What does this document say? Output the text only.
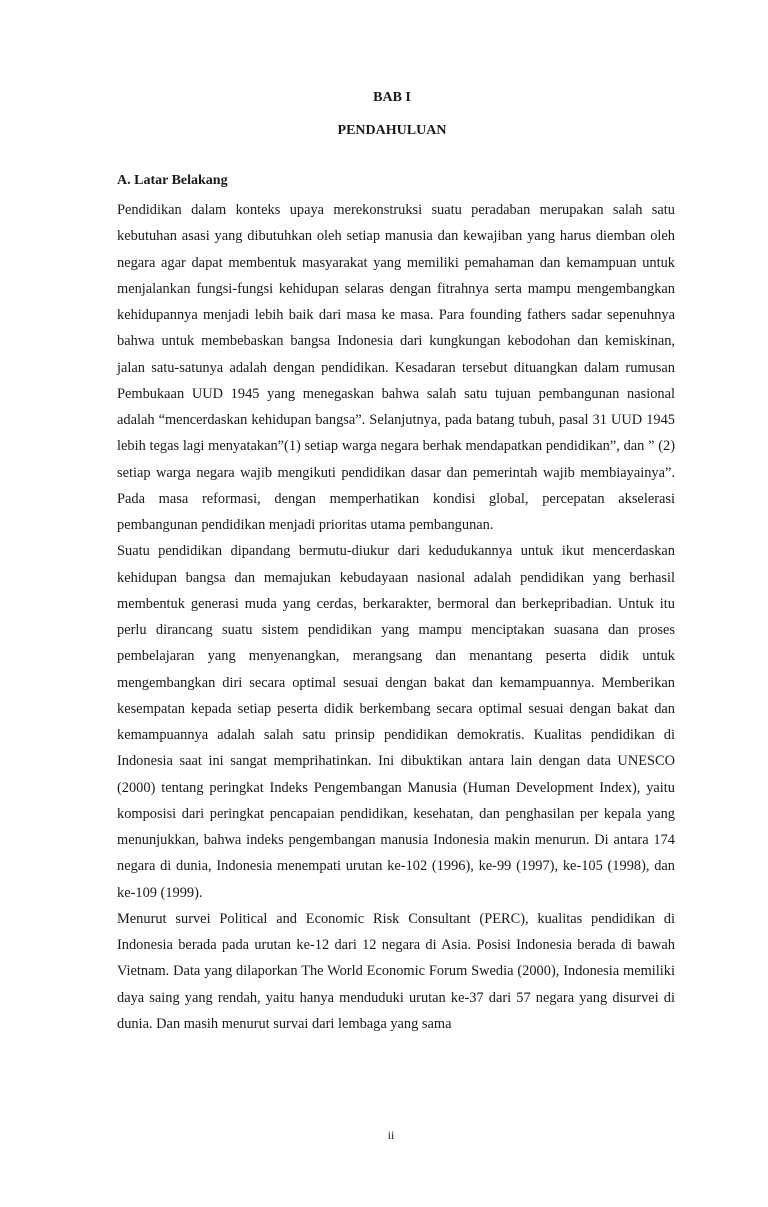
BAB I
PENDAHULUAN
A. Latar Belakang

Pendidikan dalam konteks upaya merekonstruksi suatu peradaban merupakan salah satu kebutuhan asasi yang dibutuhkan oleh setiap manusia dan kewajiban yang harus diemban oleh negara agar dapat membentuk masyarakat yang memiliki pemahaman dan kemampuan untuk menjalankan fungsi-fungsi kehidupan selaras dengan fitrahnya serta mampu mengembangkan kehidupannya menjadi lebih baik dari masa ke masa. Para founding fathers sadar sepenuhnya bahwa untuk membebaskan bangsa Indonesia dari kungkungan kebodohan dan kemiskinan, jalan satu-satunya adalah dengan pendidikan. Kesadaran tersebut dituangkan dalam rumusan Pembukaan UUD 1945 yang menegaskan bahwa salah satu tujuan pembangunan nasional adalah “mencerdaskan kehidupan bangsa”. Selanjutnya, pada batang tubuh, pasal 31 UUD 1945 lebih tegas lagi menyatakan”(1) setiap warga negara berhak mendapatkan pendidikan”, dan ” (2) setiap warga negara wajib mengikuti pendidikan dasar dan pemerintah wajib membiayainya”. Pada masa reformasi, dengan memperhatikan kondisi global, percepatan akselerasi pembangunan pendidikan menjadi prioritas utama pembangunan.

Suatu pendidikan dipandang bermutu-diukur dari kedudukannya untuk ikut mencerdaskan kehidupan bangsa dan memajukan kebudayaan nasional adalah pendidikan yang berhasil membentuk generasi muda yang cerdas, berkarakter, bermoral dan berkepribadian. Untuk itu perlu dirancang suatu sistem pendidikan yang mampu menciptakan suasana dan proses pembelajaran yang menyenangkan, merangsang dan menantang peserta didik untuk mengembangkan diri secara optimal sesuai dengan bakat dan kemampuannya. Memberikan kesempatan kepada setiap peserta didik berkembang secara optimal sesuai dengan bakat dan kemampuannya adalah salah satu prinsip pendidikan demokratis. Kualitas pendidikan di Indonesia saat ini sangat memprihatinkan. Ini dibuktikan antara lain dengan data UNESCO (2000) tentang peringkat Indeks Pengembangan Manusia (Human Development Index), yaitu komposisi dari peringkat pencapaian pendidikan, kesehatan, dan penghasilan per kepala yang menunjukkan, bahwa indeks pengembangan manusia Indonesia makin menurun. Di antara 174 negara di dunia, Indonesia menempati urutan ke-102 (1996), ke-99 (1997), ke-105 (1998), dan ke-109 (1999).

Menurut survei Political and Economic Risk Consultant (PERC), kualitas pendidikan di Indonesia berada pada urutan ke-12 dari 12 negara di Asia. Posisi Indonesia berada di bawah Vietnam. Data yang dilaporkan The World Economic Forum Swedia (2000), Indonesia memiliki daya saing yang rendah, yaitu hanya menduduki urutan ke-37 dari 57 negara yang disurvei di dunia. Dan masih menurut survai dari lembaga yang sama

ii
